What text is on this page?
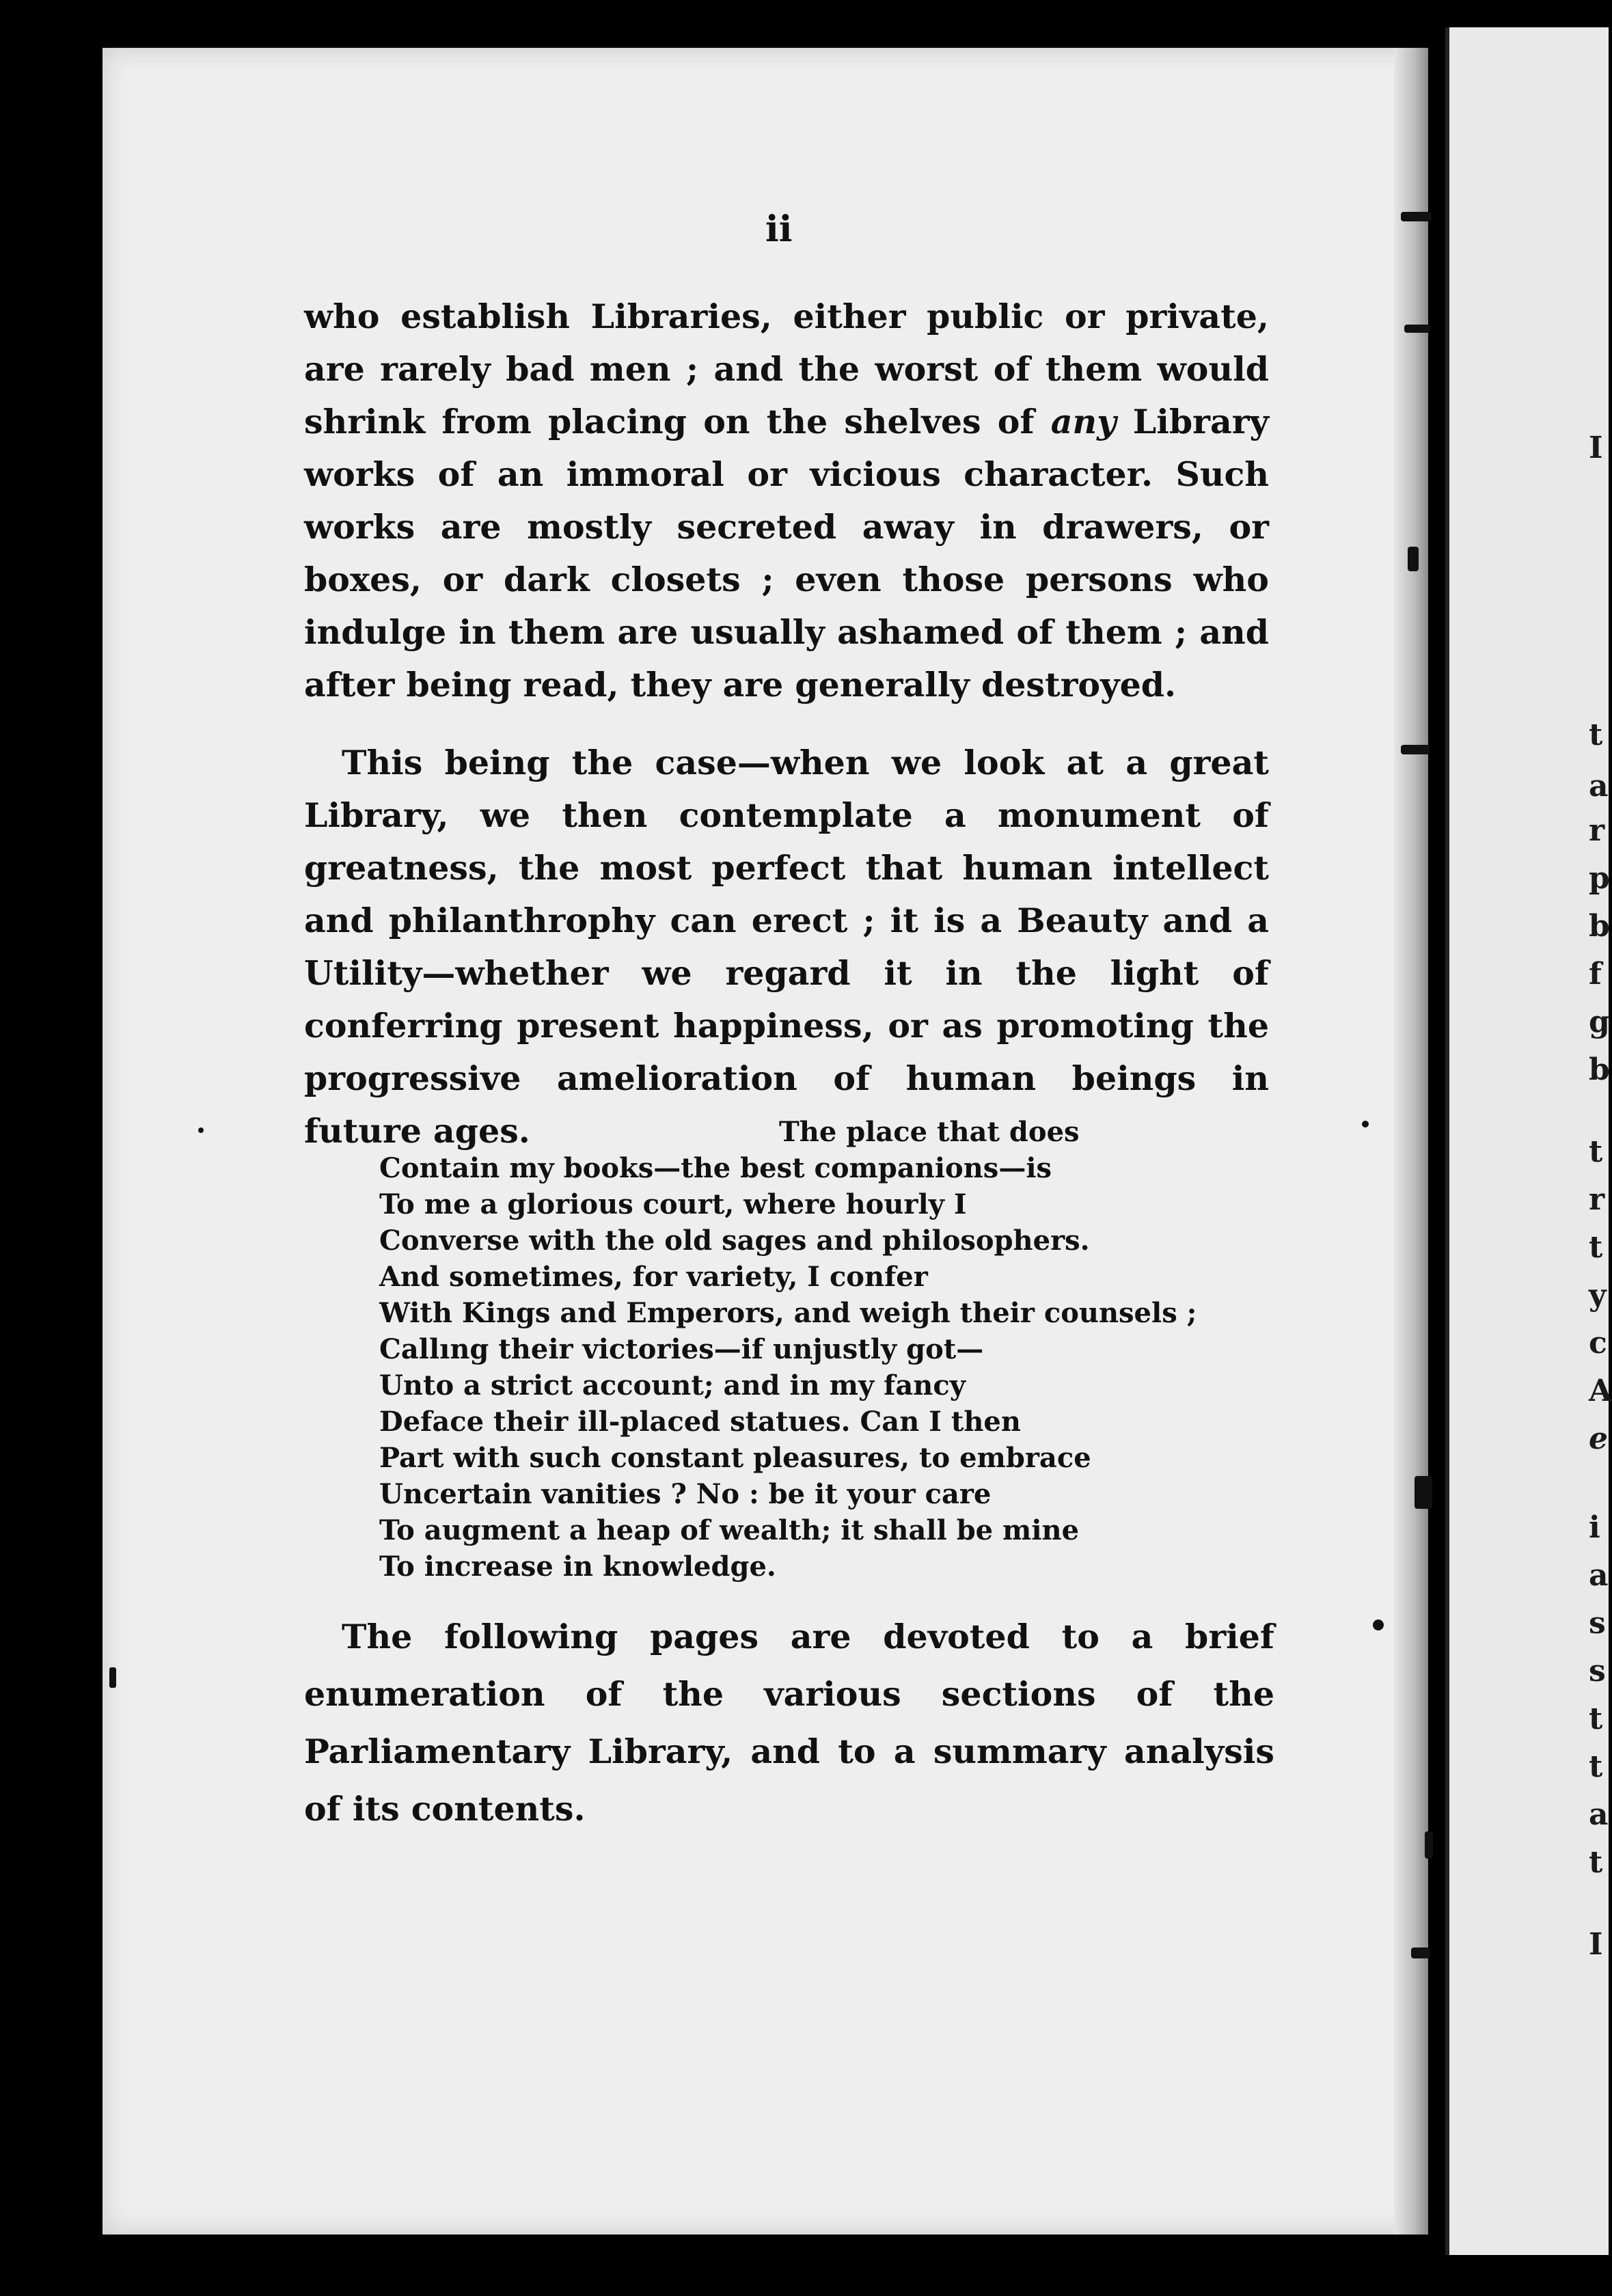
I
t
a
r
p
b
f
g
b
t
r
t
y
c
A
e
i
a
s
s
t
t
a
t
I
ii

who establish Libraries, either public or private, are rarely bad men ; and the worst of them would shrink from placing on the shelves of any Library works of an immoral or vicious character. Such works are mostly secreted away in drawers, or boxes, or dark closets ; even those persons who indulge in them are usually ashamed of them ; and after being read, they are generally destroyed.

This being the case—when we look at a great Library, we then contemplate a monument of greatness, the most perfect that human intellect and philanthrophy can erect ; it is a Beauty and a Utility—whether we regard it in the light of conferring present happiness, or as promoting the progressive amelioration of human beings in future ages.	The place that does
Contain my books—the best companions—is
To me a glorious court, where hourly I
Converse with the old sages and philosophers.
And sometimes, for variety, I confer
With Kings and Emperors, and weigh their counsels ;
Callıng their victories—if unjustly got—
Unto a strict account; and in my fancy
Deface their ill-placed statues. Can I then
Part with such constant pleasures, to embrace
Uncertain vanities ? No : be it your care
To augment a heap of wealth; it shall be mine
To increase in knowledge.

The following pages are devoted to a brief enumeration of the various sections of the Parliamentary Library, and to a summary analysis of its contents.
